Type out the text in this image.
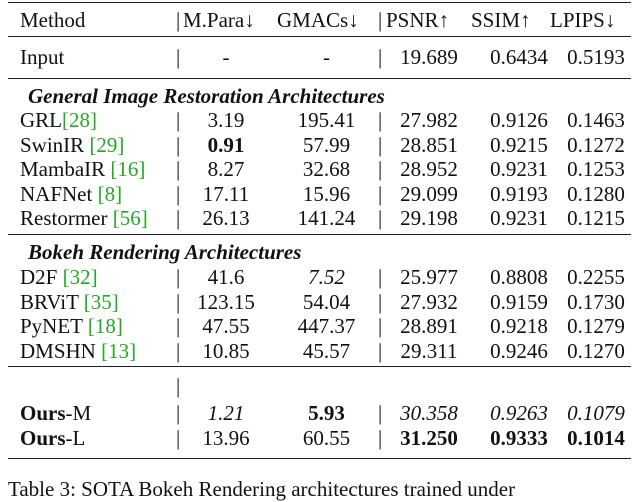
Method	| M.Para↓ GMACs↓ | PSNR↑ SSIM↑ LPIPS↓
Input	|	-	-	| 19.689	0.6434 0.5193
General Image Restoration Architectures
GRL[28]	|	3.19	195.41	| 27.982	0.9126 0.1463
SwinIR [29] |	0.91	57.99	| 28.851	0.9215 0.1272
MambaIR [16] |	8.27	32.68	| 28.952	0.9231 0.1253
NAFNet [8]	|	17.11	15.96	| 29.099	0.9193 0.1280
Restormer [56] |	26.13	141.24	| 29.198	0.9231 0.1215
Bokeh Rendering Architectures
D2F [32]	|	41.6	7.52	| 25.977	0.8808 0.2255
BRViT [35]	| 123.15	54.04	| 27.932	0.9159 0.1730
PyNET [18]	|	47.55	447.37	| 28.891	0.9218 0.1279
DMSHN [13] |	10.85	45.57	| 29.311	0.9246 0.1270
|
Ours-M	|	1.21	5.93	| 30.358	0.9263 0.1079
Ours-L	|	13.96	60.55	| 31.250	0.9333 0.1014
Table 3: SOTA Bokeh Rendering architectures trained under
